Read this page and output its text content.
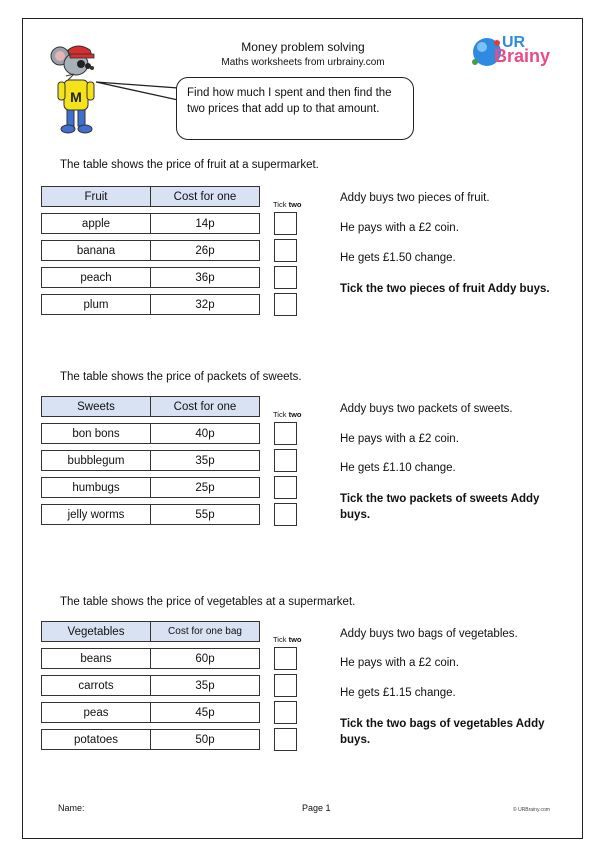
M
Money problem solving
Maths worksheets from urbrainy.com
UR
Brainy
Find how much I spent and then find the two prices that add up to that amount.
The table shows the price of fruit at a supermarket.
Fruit	Cost for one
apple	14p
banana	26p
peach	36p
plum	32p
Tick two
Addy buys two pieces of fruit.
He pays with a £2 coin.
He gets £1.50 change.
Tick the two pieces of fruit Addy buys.
The table shows the price of packets of sweets.
Sweets	Cost for one
bon bons	40p
bubblegum	35p
humbugs	25p
jelly worms	55p
Tick two	Addy buys two packets of sweets.
He pays with a £2 coin.
He gets £1.10 change.
Tick the two packets of sweets Addy buys.
The table shows the price of vegetables at a supermarket.
Vegetables	Cost for one bag
beans	60p
carrots	35p
peas	45p
potatoes	50p
Tick two	Addy buys two bags of vegetables.
He pays with a £2 coin.
He gets £1.15 change.
Tick the two bags of vegetables Addy buys.
Name:	Page 1	© URBrainy.com
